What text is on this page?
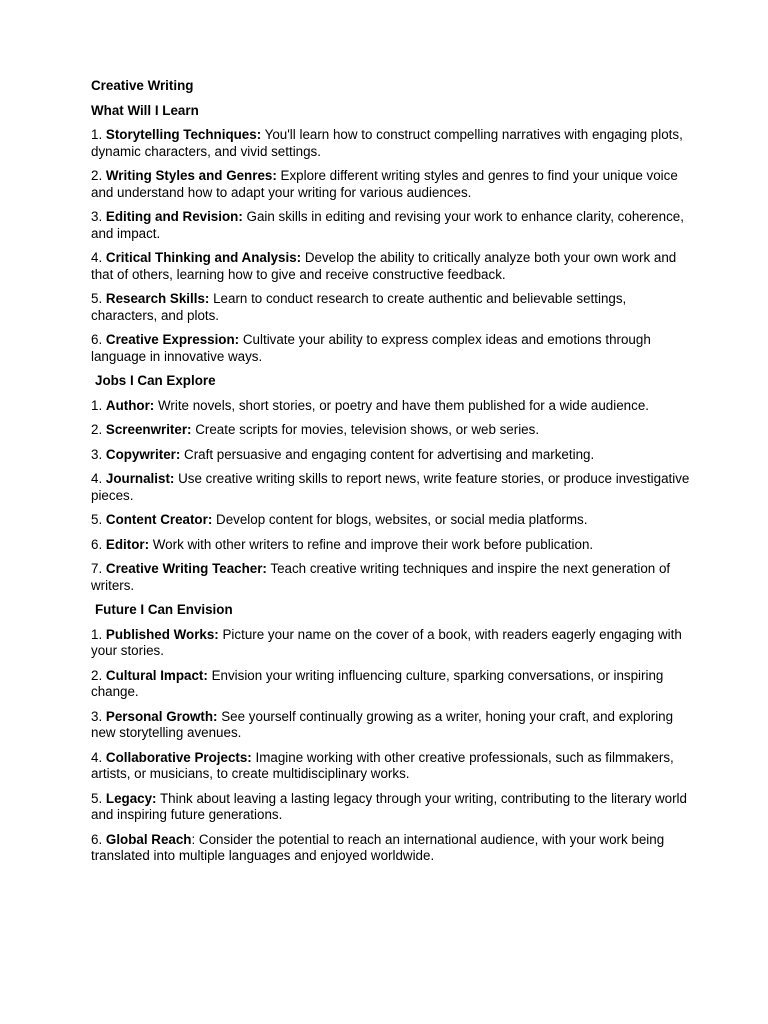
Creative Writing
What Will I Learn
1. Storytelling Techniques: You'll learn how to construct compelling narratives with engaging plots, dynamic characters, and vivid settings.
2. Writing Styles and Genres: Explore different writing styles and genres to find your unique voice and understand how to adapt your writing for various audiences.
3. Editing and Revision: Gain skills in editing and revising your work to enhance clarity, coherence, and impact.
4. Critical Thinking and Analysis: Develop the ability to critically analyze both your own work and that of others, learning how to give and receive constructive feedback.
5. Research Skills: Learn to conduct research to create authentic and believable settings, characters, and plots.
6. Creative Expression: Cultivate your ability to express complex ideas and emotions through language in innovative ways.
Jobs I Can Explore
1. Author: Write novels, short stories, or poetry and have them published for a wide audience.
2. Screenwriter: Create scripts for movies, television shows, or web series.
3. Copywriter: Craft persuasive and engaging content for advertising and marketing.
4. Journalist: Use creative writing skills to report news, write feature stories, or produce investigative pieces.
5. Content Creator: Develop content for blogs, websites, or social media platforms.
6. Editor: Work with other writers to refine and improve their work before publication.
7. Creative Writing Teacher: Teach creative writing techniques and inspire the next generation of writers.
Future I Can Envision
1. Published Works: Picture your name on the cover of a book, with readers eagerly engaging with your stories.
2. Cultural Impact: Envision your writing influencing culture, sparking conversations, or inspiring change.
3. Personal Growth: See yourself continually growing as a writer, honing your craft, and exploring new storytelling avenues.
4. Collaborative Projects: Imagine working with other creative professionals, such as filmmakers, artists, or musicians, to create multidisciplinary works.
5. Legacy: Think about leaving a lasting legacy through your writing, contributing to the literary world and inspiring future generations.
6. Global Reach: Consider the potential to reach an international audience, with your work being translated into multiple languages and enjoyed worldwide.
